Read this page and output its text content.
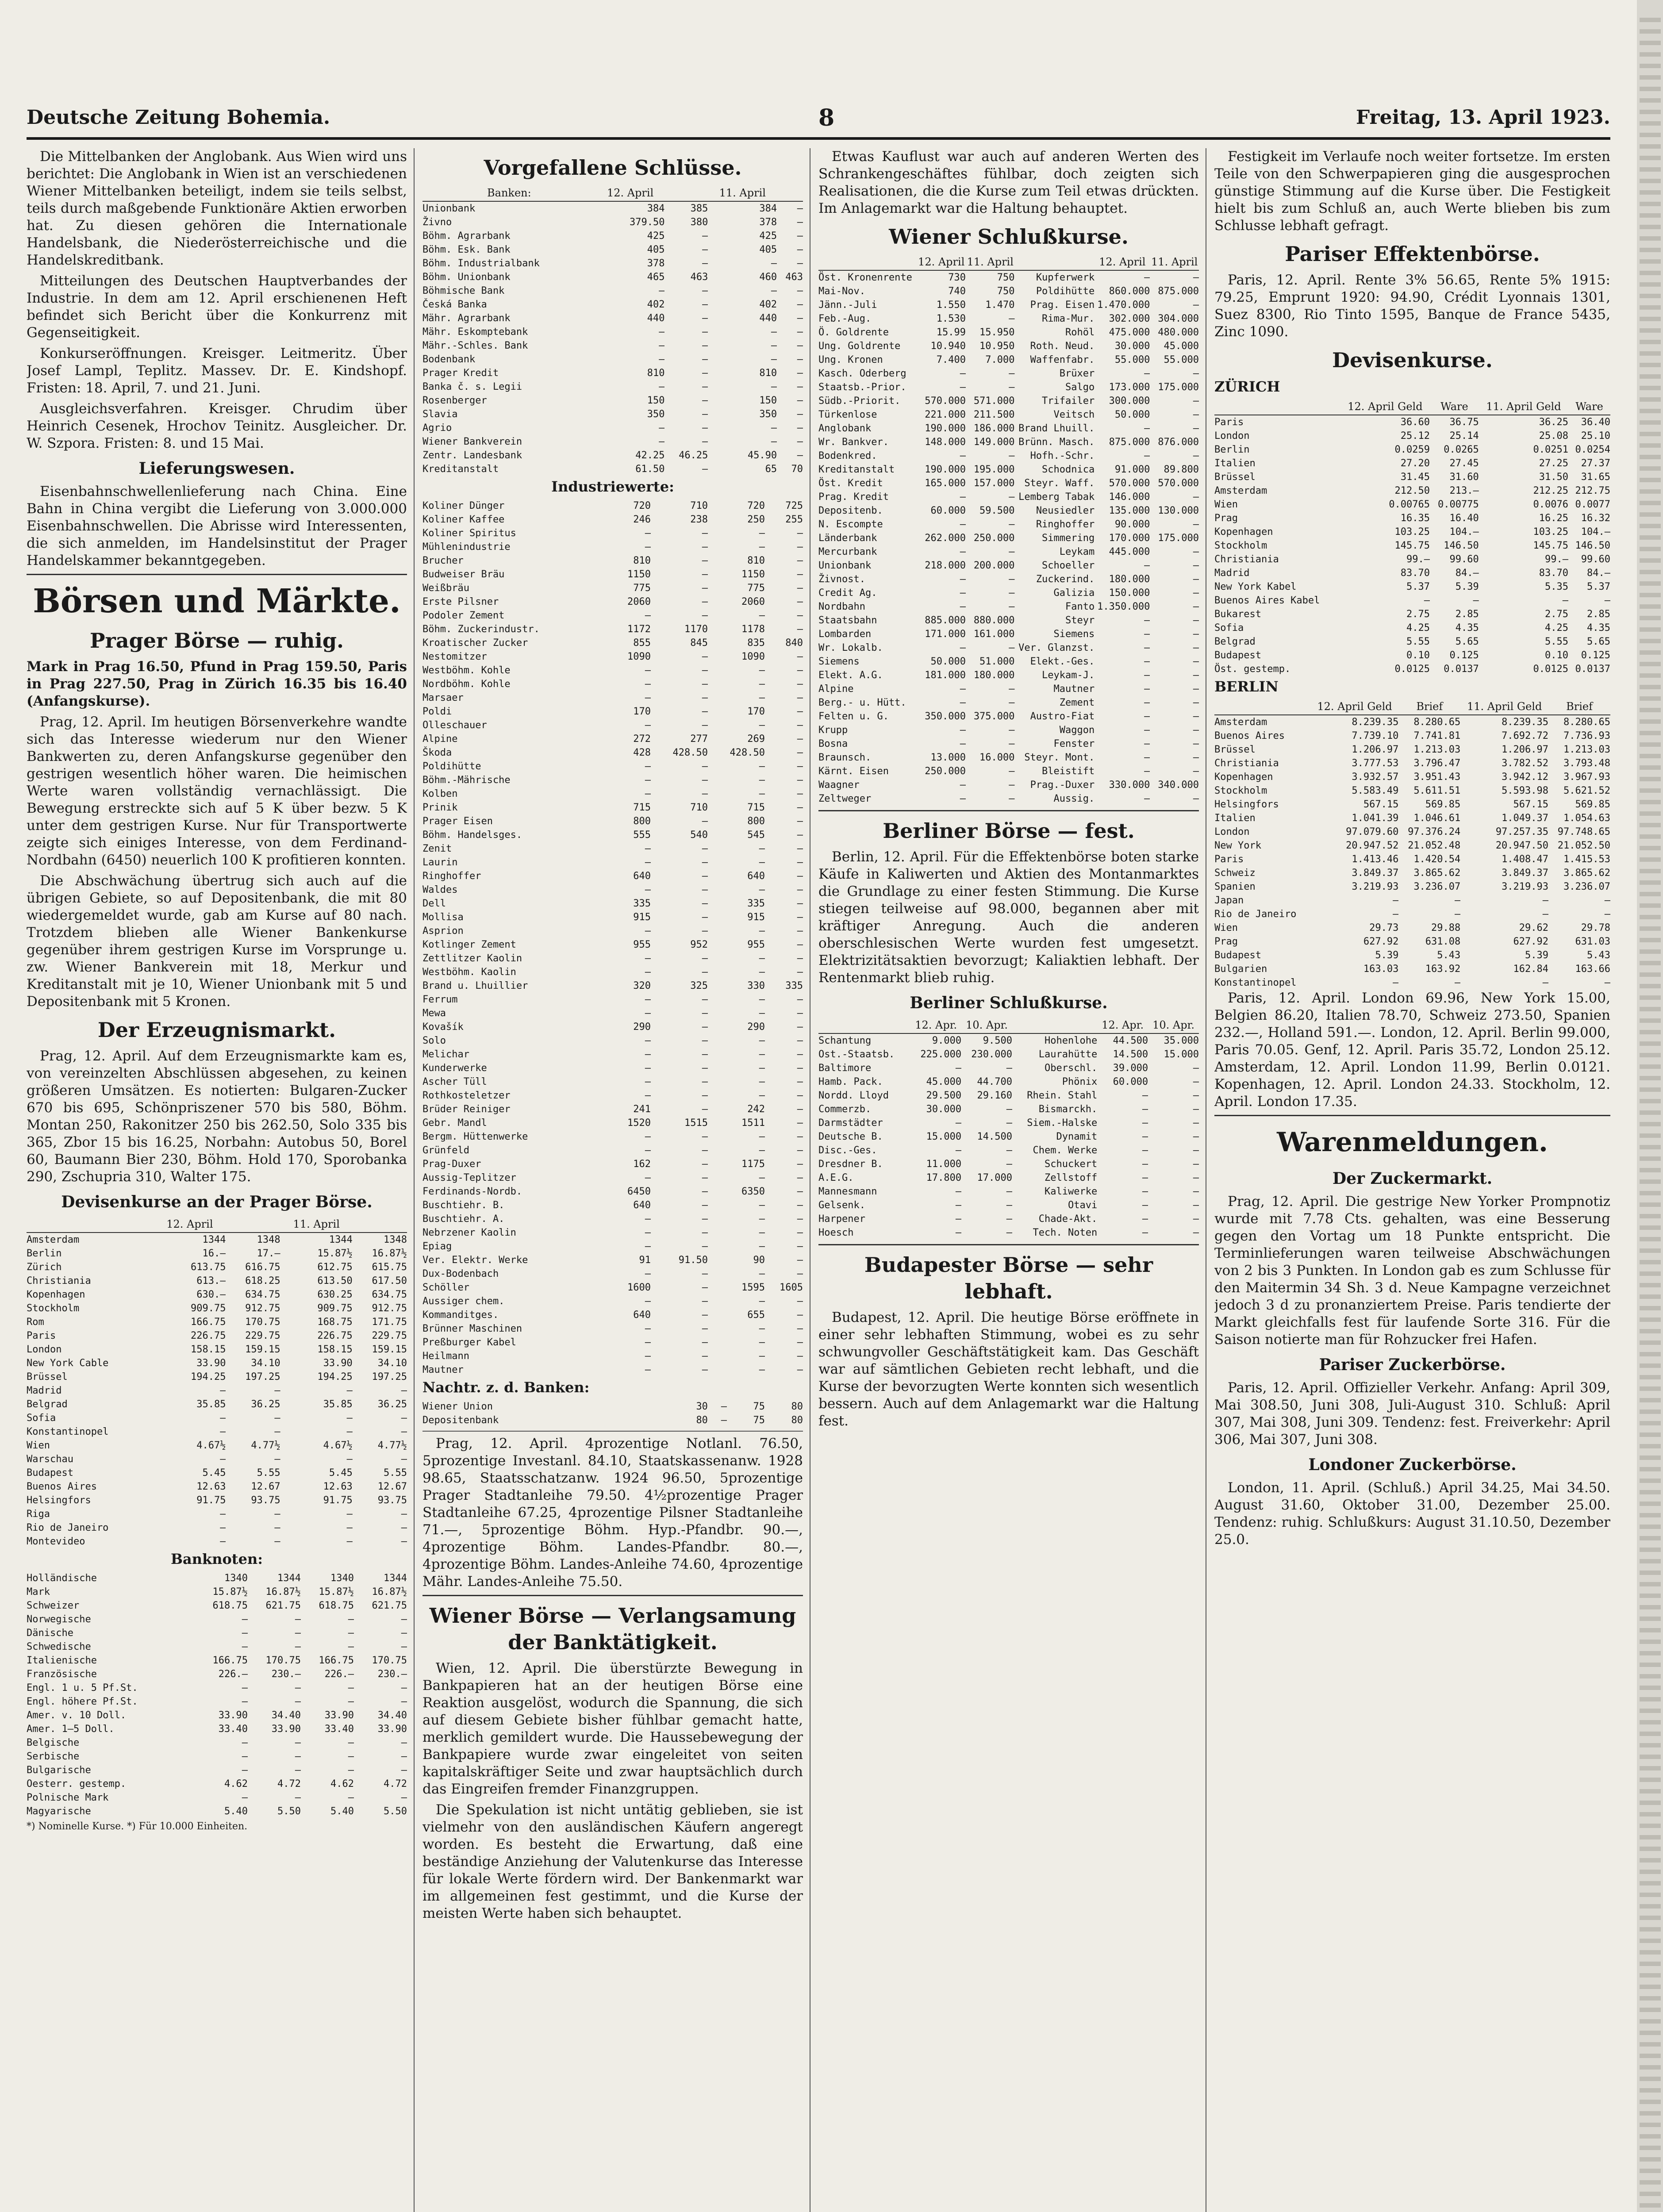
Deutsche Zeitung Bohemia.	8	Freitag, 13. April 1923.

Die Mittelbanken der Anglobank. Aus Wien wird uns berichtet: Die Anglobank in Wien ist an verschiedenen Wiener Mittelbanken beteiligt, indem sie teils selbst, teils durch maßgebende Funktionäre Aktien erworben hat. Zu diesen gehören die Internationale Handelsbank, die Niederösterreichische und die Handelskreditbank.

Mitteilungen des Deutschen Hauptverbandes der Industrie. In dem am 12. April erschienenen Heft befindet sich Bericht über die Konkurrenz mit Gegenseitigkeit.

Konkurseröffnungen. Kreisger. Leitmeritz. Über Josef Lampl, Teplitz. Massev. Dr. E. Kindshopf. Fristen: 18. April, 7. und 21. Juni.

Ausgleichsverfahren. Kreisger. Chrudim über Heinrich Cesenek, Hrochov Teinitz. Ausgleicher. Dr. W. Szpora. Fristen: 8. und 15 Mai.

Lieferungswesen.

Eisenbahnschwellenlieferung nach China. Eine Bahn in China vergibt die Lieferung von 3.000.000 Eisenbahnschwellen. Die Abrisse wird Interessenten, die sich anmelden, im Handelsinstitut der Prager Handelskammer bekanntgegeben.

Börsen und Märkte.
Prager Börse — ruhig.

Mark in Prag 16.50, Pfund in Prag 159.50, Paris in Prag 227.50, Prag in Zürich 16.35 bis 16.40 (Anfangskurse).

Prag, 12. April. Im heutigen Börsenverkehre wandte sich das Interesse wiederum nur den Wiener Bankwerten zu, deren Anfangskurse gegenüber den gestrigen wesentlich höher waren. Die heimischen Werte waren vollständig vernachlässigt. Die Bewegung erstreckte sich auf 5 K über bezw. 5 K unter dem gestrigen Kurse. Nur für Transportwerte zeigte sich einiges Interesse, von dem Ferdinand-Nordbahn (6450) neuerlich 100 K profitieren konnten.

Die Abschwächung übertrug sich auch auf die übrigen Gebiete, so auf Depositenbank, die mit 80 wiedergemeldet wurde, gab am Kurse auf 80 nach. Trotzdem blieben alle Wiener Bankenkurse gegenüber ihrem gestrigen Kurse im Vorsprunge u. zw. Wiener Bankverein mit 18, Merkur und Kreditanstalt mit je 10, Wiener Unionbank mit 5 und Depositenbank mit 5 Kronen.

Der Erzeugnismarkt.

Prag, 12. April. Auf dem Erzeugnismarkte kam es, von vereinzelten Abschlüssen abgesehen, zu keinen größeren Umsätzen. Es notierten: Bulgaren-Zucker 670 bis 695, Schönpriszener 570 bis 580, Böhm. Montan 250, Rakonitzer 250 bis 262.50, Solo 335 bis 365, Zbor 15 bis 16.25, Norbahn: Autobus 50, Borel 60, Baumann Bier 230, Böhm. Hold 170, Sporobanka 290, Zschupria 310, Walter 175.

Devisenkurse an der Prager Börse.
	12. April		11. April	
Amsterdam	1344	1348	1344	1348
Berlin	16.—	17.—	15.87½	16.87½
Zürich	613.75	616.75	612.75	615.75
Christiania	613.—	618.25	613.50	617.50
Kopenhagen	630.—	634.75	630.25	634.75
Stockholm	909.75	912.75	909.75	912.75
Rom	166.75	170.75	168.75	171.75
Paris	226.75	229.75	226.75	229.75
London	158.15	159.15	158.15	159.15
New York Cable	33.90	34.10	33.90	34.10
Brüssel	194.25	197.25	194.25	197.25
Madrid	—	—	—	—
Belgrad	35.85	36.25	35.85	36.25
Sofia	—	—	—	—
Konstantinopel	—	—	—	—
Wien	4.67½	4.77½	4.67½	4.77½
Warschau	—	—	—	—
Budapest	5.45	5.55	5.45	5.55
Buenos Aires	12.63	12.67	12.63	12.67
Helsingfors	91.75	93.75	91.75	93.75
Riga	—	—	—	—
Rio de Janeiro	—	—	—	—
Montevideo	—	—	—	—
Banknoten:
Holländische	1340	1344	1340	1344
Mark	15.87½	16.87½	15.87½	16.87½
Schweizer	618.75	621.75	618.75	621.75
Norwegische	—	—	—	—
Dänische	—	—	—	—
Schwedische	—	—	—	—
Italienische	166.75	170.75	166.75	170.75
Französische	226.—	230.—	226.—	230.—
Engl. 1 u. 5 Pf.St.	—	—	—	—
Engl. höhere Pf.St.	—	—	—	—
Amer. v. 10 Doll.	33.90	34.40	33.90	34.40
Amer. 1—5 Doll.	33.40	33.90	33.40	33.90
Belgische	—	—	—	—
Serbische	—	—	—	—
Bulgarische	—	—	—	—
Oesterr. gestemp.	4.62	4.72	4.62	4.72
Polnische Mark	—	—	—	—
Magyarische	5.40	5.50	5.40	5.50
*) Nominelle Kurse. *) Für 10.000 Einheiten.
Vorgefallene Schlüsse.
Banken:	12. April		11. April	
Unionbank	384	385	384	—
Živno	379.50	380	378	—
Böhm. Agrarbank	425	—	425	—
Böhm. Esk. Bank	405	—	405	—
Böhm. Industrialbank	378	—	—	—
Böhm. Unionbank	465	463	460	463
Böhmische Bank	—	—	—	—
Česká Banka	402	—	402	—
Mähr. Agrarbank	440	—	440	—
Mähr. Eskomptebank	—	—	—	—
Mähr.-Schles. Bank	—	—	—	—
Bodenbank	—	—	—	—
Prager Kredit	810	—	810	—
Banka č. s. Legii	—	—	—	—
Rosenberger	150	—	150	—
Slavia	350	—	350	—
Agrio	—	—	—	—
Wiener Bankverein	—	—	—	—
Zentr. Landesbank	42.25	46.25	45.90	—
Kreditanstalt	61.50	—	65	70
Industriewerte:
Koliner Dünger	720	710	720	725
Koliner Kaffee	246	238	250	255
Koliner Spiritus	—	—	—	—
Mühlenindustrie	—	—	—	—
Brucher	810	—	810	—
Budweiser Bräu	1150	—	1150	—
Weißbräu	775	—	775	—
Erste Pilsner	2060	—	2060	—
Podoler Zement	—	—	—	—
Böhm. Zuckerindustr.	1172	1170	1178	—
Kroatischer Zucker	855	845	835	840
Nestomitzer	1090	—	1090	—
Westböhm. Kohle	—	—	—	—
Nordböhm. Kohle	—	—	—	—
Marsaer	—	—	—	—
Poldi	170	—	170	—
Olleschauer	—	—	—	—
Alpine	272	277	269	—
Škoda	428	428.50	428.50	—
Poldihütte	—	—	—	—
Böhm.-Mährische	—	—	—	—
Kolben	—	—	—	—
Prinik	715	710	715	—
Prager Eisen	800	—	800	—
Böhm. Handelsges.	555	540	545	—
Zenit	—	—	—	—
Laurin	—	—	—	—
Ringhoffer	640	—	640	—
Waldes	—	—	—	—
Dell	335	—	335	—
Mollisa	915	—	915	—
Asprion	—	—	—	—
Kotlinger Zement	955	952	955	—
Zettlitzer Kaolin	—	—	—	—
Westböhm. Kaolin	—	—	—	—
Brand u. Lhuillier	320	325	330	335
Ferrum	—	—	—	—
Mewa	—	—	—	—
Kovašík	290	—	290	—
Solo	—	—	—	—
Melichar	—	—	—	—
Kunderwerke	—	—	—	—
Ascher Tüll	—	—	—	—
Rothkosteletzer	—	—	—	—
Brüder Reiniger	241	—	242	—
Gebr. Mandl	1520	1515	1511	—
Bergm. Hüttenwerke	—	—	—	—
Grünfeld	—	—	—	—
Prag-Duxer	162	—	1175	—
Aussig-Teplitzer	—	—	—	—
Ferdinands-Nordb.	6450	—	6350	—
Buschtiehr. B.	640	—	—	—
Buschtiehr. A.	—	—	—	—
Nebrzener Kaolin	—	—	—	—
Epiag	—	—	—	—
Ver. Elektr. Werke	91	91.50	90	—
Dux-Bodenbach	—	—	—	—
Schöller	1600	—	1595	1605
Aussiger chem.	—	—	—	—
Kommanditges.	640	—	655	—
Brünner Maschinen	—	—	—	—
Preßburger Kabel	—	—	—	—
Heilmann	—	—	—	—
Mautner	—	—	—	—
Nachtr. z. d. Banken:
Wiener Union	30	—	75	80
Depositenbank	80	—	75	80

Prag, 12. April. 4prozentige Notlanl. 76.50, 5prozentige Investanl. 84.10, Staatskassenanw. 1928 98.65, Staatsschatzanw. 1924 96.50, 5prozentige Prager Stadtanleihe 79.50. 4½prozentige Prager Stadtanleihe 67.25, 4prozentige Pilsner Stadtanleihe 71.—, 5prozentige Böhm. Hyp.-Pfandbr. 90.—, 4prozentige Böhm. Landes-Pfandbr. 80.—, 4prozentige Böhm. Landes-Anleihe 74.60, 4prozentige Mähr. Landes-Anleihe 75.50.

Wiener Börse — Verlangsamung der Banktätigkeit.

Wien, 12. April. Die überstürzte Bewegung in Bankpapieren hat an der heutigen Börse eine Reaktion ausgelöst, wodurch die Spannung, die sich auf diesem Gebiete bisher fühlbar gemacht hatte, merklich gemildert wurde. Die Haussebewegung der Bankpapiere wurde zwar eingeleitet von seiten kapitalskräftiger Seite und zwar hauptsächlich durch das Eingreifen fremder Finanzgruppen.

Die Spekulation ist nicht untätig geblieben, sie ist vielmehr von den ausländischen Käufern angeregt worden. Es besteht die Erwartung, daß eine beständige Anziehung der Valutenkurse das Interesse für lokale Werte fördern wird. Der Bankenmarkt war im allgemeinen fest gestimmt, und die Kurse der meisten Werte haben sich behauptet.

Etwas Kauflust war auch auf anderen Werten des Schrankengeschäftes fühlbar, doch zeigten sich Realisationen, die die Kurse zum Teil etwas drückten. Im Anlagemarkt war die Haltung behauptet.

Wiener Schlußkurse.
	12. April	11. April		12. April	11. April
Öst. Kronenrente	730	750	Kupferwerk	—	—
Mai-Nov.	740	750	Poldihütte	860.000	875.000
Jänn.-Juli	1.550	1.470	Prag. Eisen	1.470.000	—
Feb.-Aug.	1.530	—	Rima-Mur.	302.000	304.000
Ö. Goldrente	15.99	15.950	Rohöl	475.000	480.000
Ung. Goldrente	10.940	10.950	Roth. Neud.	30.000	45.000
Ung. Kronen	7.400	7.000	Waffenfabr.	55.000	55.000
Kasch. Oderberg	—	—	Brüxer	—	—
Staatsb.-Prior.	—	—	Salgo	173.000	175.000
Südb.-Priorit.	570.000	571.000	Trifailer	300.000	—
Türkenlose	221.000	211.500	Veitsch	50.000	—
Anglobank	190.000	186.000	Brand Lhuill.	—	—
Wr. Bankver.	148.000	149.000	Brünn. Masch.	875.000	876.000
Bodenkred.	—	—	Hofh.-Schr.	—	—
Kreditanstalt	190.000	195.000	Schodnica	91.000	89.800
Öst. Kredit	165.000	157.000	Steyr. Waff.	570.000	570.000
Prag. Kredit	—	—	Lemberg Tabak	146.000	—
Depositenb.	60.000	59.500	Neusiedler	135.000	130.000
N. Escompte	—	—	Ringhoffer	90.000	—
Länderbank	262.000	250.000	Simmering	170.000	175.000
Mercurbank	—	—	Leykam	445.000	—
Unionbank	218.000	200.000	Schoeller	—	—
Živnost.	—	—	Zuckerind.	180.000	—
Credit Ag.	—	—	Galizia	150.000	—
Nordbahn	—	—	Fanto	1.350.000	—
Staatsbahn	885.000	880.000	Steyr	—	—
Lombarden	171.000	161.000	Siemens	—	—
Wr. Lokalb.	—	—	Ver. Glanzst.	—	—
Siemens	50.000	51.000	Elekt.-Ges.	—	—
Elekt. A.G.	181.000	180.000	Leykam-J.	—	—
Alpine	—	—	Mautner	—	—
Berg.- u. Hütt.	—	—	Zement	—	—
Felten u. G.	350.000	375.000	Austro-Fiat	—	—
Krupp	—	—	Waggon	—	—
Bosna	—	—	Fenster	—	—
Braunsch.	13.000	16.000	Steyr. Mont.	—	—
Kärnt. Eisen	250.000	—	Bleistift	—	—
Waagner	—	—	Prag.-Duxer	330.000	340.000
Zeltweger	—	—	Aussig.	—	—
Berliner Börse — fest.

Berlin, 12. April. Für die Effektenbörse boten starke Käufe in Kaliwerten und Aktien des Montanmarktes die Grundlage zu einer festen Stimmung. Die Kurse stiegen teilweise auf 98.000, begannen aber mit kräftiger Anregung. Auch die anderen oberschlesischen Werte wurden fest umgesetzt. Elektrizitätsaktien bevorzugt; Kaliaktien lebhaft. Der Rentenmarkt blieb ruhig.

Berliner Schlußkurse.
	12. Apr.	10. Apr.		12. Apr.	10. Apr.
Schantung	9.000	9.500	Hohenlohe	44.500	35.000
Ost.-Staatsb.	225.000	230.000	Laurahütte	14.500	15.000
Baltimore	—	—	Oberschl.	39.000	—
Hamb. Pack.	45.000	44.700	Phönix	60.000	—
Nordd. Lloyd	29.500	29.160	Rhein. Stahl	—	—
Commerzb.	30.000	—	Bismarckh.	—	—
Darmstädter	—	—	Siem.-Halske	—	—
Deutsche B.	15.000	14.500	Dynamit	—	—
Disc.-Ges.	—	—	Chem. Werke	—	—
Dresdner B.	11.000	—	Schuckert	—	—
A.E.G.	17.800	17.000	Zellstoff	—	—
Mannesmann	—	—	Kaliwerke	—	—
Gelsenk.	—	—	Otavi	—	—
Harpener	—	—	Chade-Akt.	—	—
Hoesch	—	—	Tech. Noten	—	—
Budapester Börse — sehr lebhaft.

Budapest, 12. April. Die heutige Börse eröffnete in einer sehr lebhaften Stimmung, wobei es zu sehr schwungvoller Geschäftstätigkeit kam. Das Geschäft war auf sämtlichen Gebieten recht lebhaft, und die Kurse der bevorzugten Werte konnten sich wesentlich bessern. Auch auf dem Anlagemarkt war die Haltung fest.

Festigkeit im Verlaufe noch weiter fortsetze. Im ersten Teile von den Schwerpapieren ging die ausgesprochen günstige Stimmung auf die Kurse über. Die Festigkeit hielt bis zum Schluß an, auch Werte blieben bis zum Schlusse lebhaft gefragt.

Pariser Effektenbörse.

Paris, 12. April. Rente 3% 56.65, Rente 5% 1915: 79.25, Emprunt 1920: 94.90, Crédit Lyonnais 1301, Suez 8300, Rio Tinto 1595, Banque de France 5435, Zinc 1090.

Devisenkurse.
ZÜRICH
	12. April Geld	Ware	11. April Geld	Ware
Paris	36.60	36.75	36.25	36.40
London	25.12	25.14	25.08	25.10
Berlin	0.0259	0.0265	0.0251	0.0254
Italien	27.20	27.45	27.25	27.37
Brüssel	31.45	31.60	31.50	31.65
Amsterdam	212.50	213.—	212.25	212.75
Wien	0.00765	0.00775	0.0076	0.0077
Prag	16.35	16.40	16.25	16.32
Kopenhagen	103.25	104.—	103.25	104.—
Stockholm	145.75	146.50	145.75	146.50
Christiania	99.—	99.60	99.—	99.60
Madrid	83.70	84.—	83.70	84.—
New York Kabel	5.37	5.39	5.35	5.37
Buenos Aires Kabel	—	—	—	—
Bukarest	2.75	2.85	2.75	2.85
Sofia	4.25	4.35	4.25	4.35
Belgrad	5.55	5.65	5.55	5.65
Budapest	0.10	0.125	0.10	0.125
Öst. gestemp.	0.0125	0.0137	0.0125	0.0137
BERLIN
	12. April Geld	Brief	11. April Geld	Brief
Amsterdam	8.239.35	8.280.65	8.239.35	8.280.65
Buenos Aires	7.739.10	7.741.81	7.692.72	7.736.93
Brüssel	1.206.97	1.213.03	1.206.97	1.213.03
Christiania	3.777.53	3.796.47	3.782.52	3.793.48
Kopenhagen	3.932.57	3.951.43	3.942.12	3.967.93
Stockholm	5.583.49	5.611.51	5.593.98	5.621.52
Helsingfors	567.15	569.85	567.15	569.85
Italien	1.041.39	1.046.61	1.049.37	1.054.63
London	97.079.60	97.376.24	97.257.35	97.748.65
New York	20.947.52	21.052.48	20.947.50	21.052.50
Paris	1.413.46	1.420.54	1.408.47	1.415.53
Schweiz	3.849.37	3.865.62	3.849.37	3.865.62
Spanien	3.219.93	3.236.07	3.219.93	3.236.07
Japan	—	—	—	—
Rio de Janeiro	—	—	—	—
Wien	29.73	29.88	29.62	29.78
Prag	627.92	631.08	627.92	631.03
Budapest	5.39	5.43	5.39	5.43
Bulgarien	163.03	163.92	162.84	163.66
Konstantinopel	—	—	—	—

Paris, 12. April. London 69.96, New York 15.00, Belgien 86.20, Italien 78.70, Schweiz 273.50, Spanien 232.—, Holland 591.—. London, 12. April. Berlin 99.000, Paris 70.05. Genf, 12. April. Paris 35.72, London 25.12. Amsterdam, 12. April. London 11.99, Berlin 0.0121. Kopenhagen, 12. April. London 24.33. Stockholm, 12. April. London 17.35.

Warenmeldungen.
Der Zuckermarkt.

Prag, 12. April. Die gestrige New Yorker Prompnotiz wurde mit 7.78 Cts. gehalten, was eine Besserung gegen den Vortag um 18 Punkte entspricht. Die Terminlieferungen waren teilweise Abschwächungen von 2 bis 3 Punkten. In London gab es zum Schlusse für den Maitermin 34 Sh. 3 d. Neue Kampagne verzeichnet jedoch 3 d zu pronanziertem Preise. Paris tendierte der Markt gleichfalls fest für laufende Sorte 316. Für die Saison notierte man für Rohzucker frei Hafen.

Pariser Zuckerbörse.

Paris, 12. April. Offizieller Verkehr. Anfang: April 309, Mai 308.50, Juni 308, Juli-August 310. Schluß: April 307, Mai 308, Juni 309. Tendenz: fest. Freiverkehr: April 306, Mai 307, Juni 308.

Londoner Zuckerbörse.

London, 11. April. (Schluß.) April 34.25, Mai 34.50. August 31.60, Oktober 31.00, Dezember 25.00. Tendenz: ruhig. Schlußkurs: August 31.10.50, Dezember 25.0.
